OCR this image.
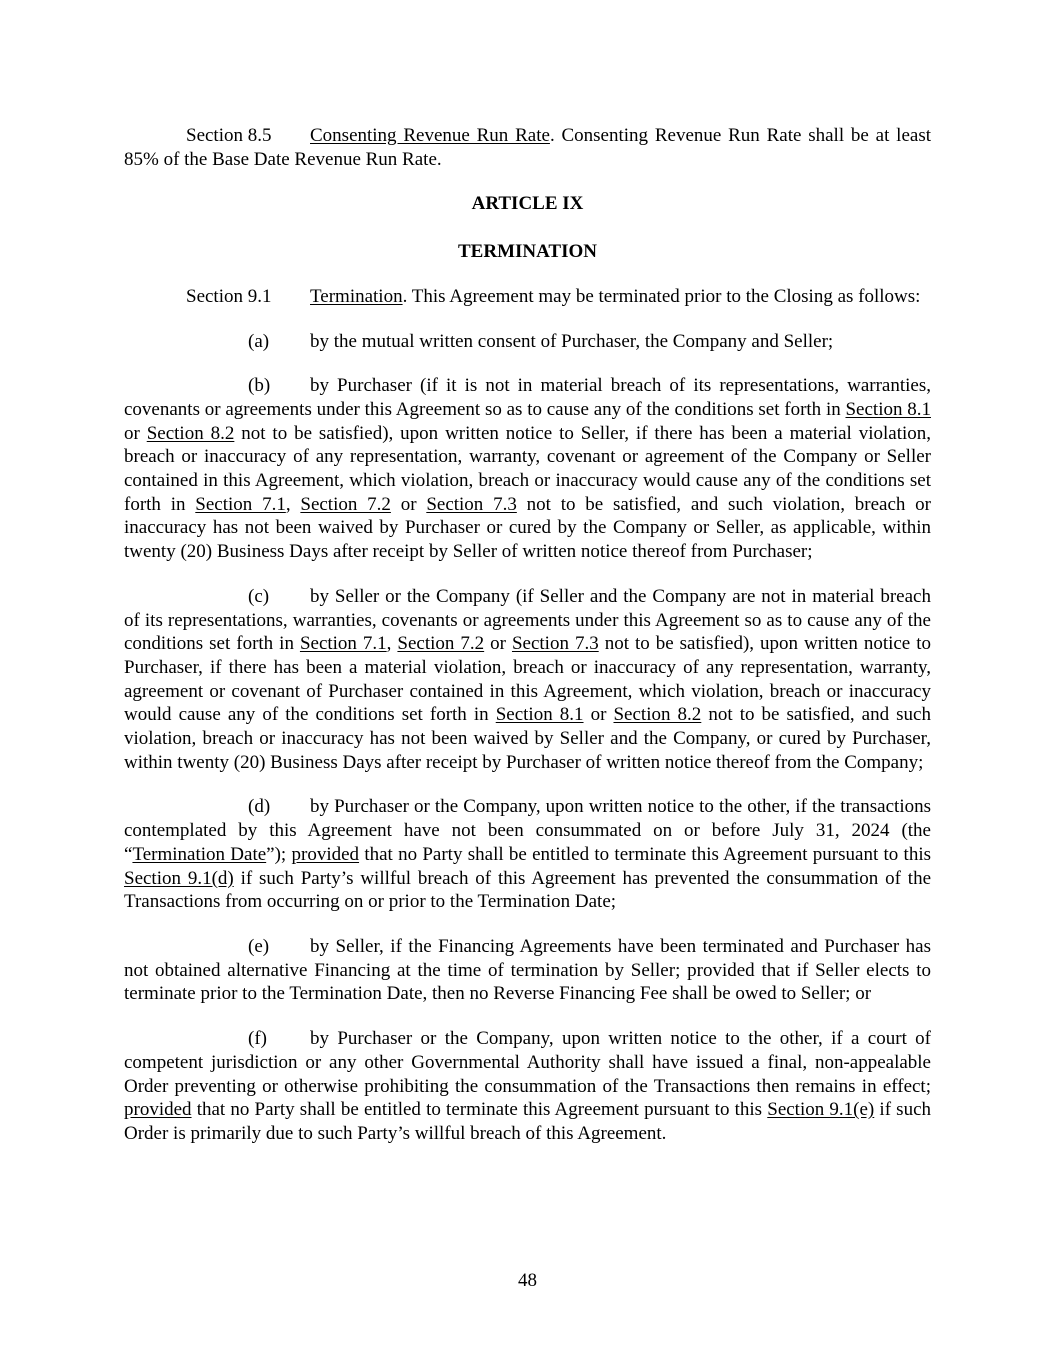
Section 8.5 Consenting Revenue Run Rate. Consenting Revenue Run Rate shall be at least 85% of the Base Date Revenue Run Rate.

ARTICLE IX

TERMINATION

Section 9.1 Termination. This Agreement may be terminated prior to the Closing as follows:

(a) by the mutual written consent of Purchaser, the Company and Seller;

(b) by Purchaser (if it is not in material breach of its representations, warranties, covenants or agreements under this Agreement so as to cause any of the conditions set forth in Section 8.1 or Section 8.2 not to be satisfied), upon written notice to Seller, if there has been a material violation, breach or inaccuracy of any representation, warranty, covenant or agreement of the Company or Seller contained in this Agreement, which violation, breach or inaccuracy would cause any of the conditions set forth in Section 7.1, Section 7.2 or Section 7.3 not to be satisfied, and such violation, breach or inaccuracy has not been waived by Purchaser or cured by the Company or Seller, as applicable, within twenty (20) Business Days after receipt by Seller of written notice thereof from Purchaser;

(c) by Seller or the Company (if Seller and the Company are not in material breach of its representations, warranties, covenants or agreements under this Agreement so as to cause any of the conditions set forth in Section 7.1, Section 7.2 or Section 7.3 not to be satisfied), upon written notice to Purchaser, if there has been a material violation, breach or inaccuracy of any representation, warranty, agreement or covenant of Purchaser contained in this Agreement, which violation, breach or inaccuracy would cause any of the conditions set forth in Section 8.1 or Section 8.2 not to be satisfied, and such violation, breach or inaccuracy has not been waived by Seller and the Company, or cured by Purchaser, within twenty (20) Business Days after receipt by Purchaser of written notice thereof from the Company;

(d) by Purchaser or the Company, upon written notice to the other, if the transactions contemplated by this Agreement have not been consummated on or before July 31, 2024 (the “Termination Date”); provided that no Party shall be entitled to terminate this Agreement pursuant to this Section 9.1(d) if such Party’s willful breach of this Agreement has prevented the consummation of the Transactions from occurring on or prior to the Termination Date;

(e) by Seller, if the Financing Agreements have been terminated and Purchaser has not obtained alternative Financing at the time of termination by Seller; provided that if Seller elects to terminate prior to the Termination Date, then no Reverse Financing Fee shall be owed to Seller; or

(f) by Purchaser or the Company, upon written notice to the other, if a court of competent jurisdiction or any other Governmental Authority shall have issued a final, non-appealable Order preventing or otherwise prohibiting the consummation of the Transactions then remains in effect; provided that no Party shall be entitled to terminate this Agreement pursuant to this Section 9.1(e) if such Order is primarily due to such Party’s willful breach of this Agreement.

48
